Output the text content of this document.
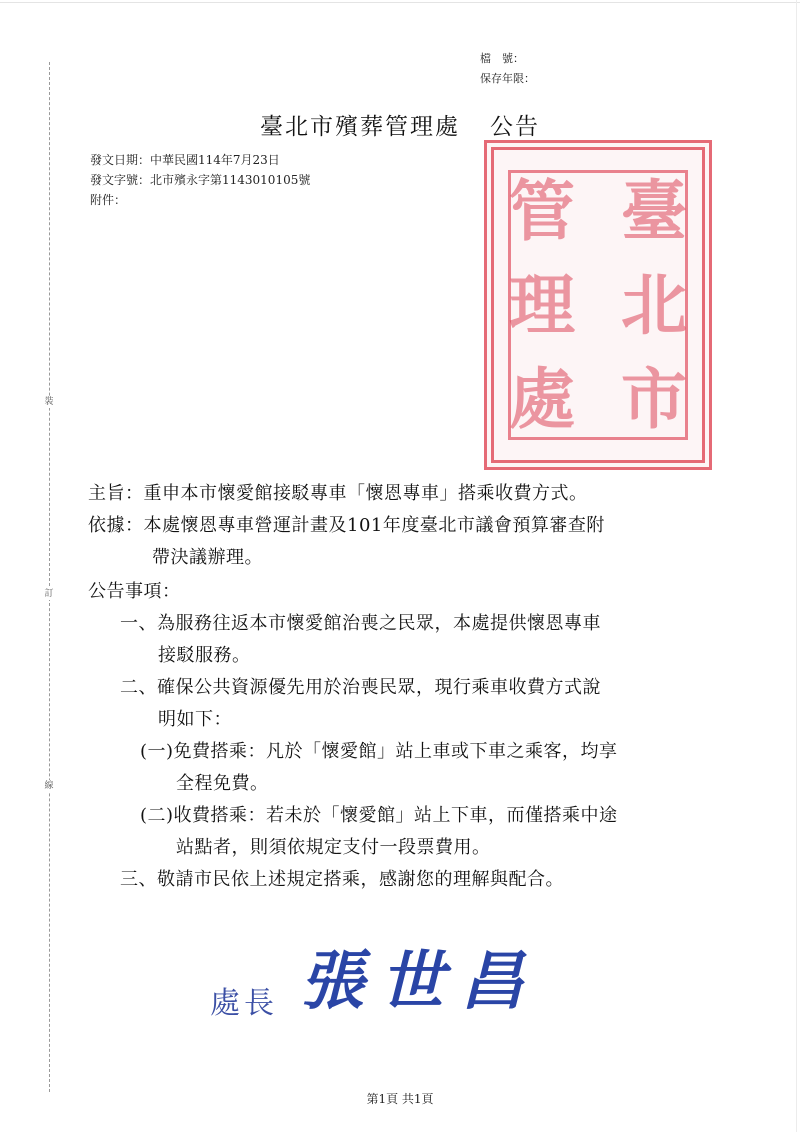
裝
訂
線
檔　號：
保存年限：
臺北市殯葬管理處 公告
發文日期：中華民國114年7月23日
發文字號：北市殯永字第1143010105號
附件：	臺
北
市
管
理
處
主旨：重申本市懷愛館接駁專車「懷恩專車」搭乘收費方式。
依據：本處懷恩專車營運計畫及101年度臺北市議會預算審查附
帶決議辦理。
公告事項：
一、為服務往返本市懷愛館治喪之民眾，本處提供懷恩專車
接駁服務。
二、確保公共資源優先用於治喪民眾，現行乘車收費方式說
明如下：
(一)免費搭乘：凡於「懷愛館」站上車或下車之乘客，均享
全程免費。
(二)收費搭乘：若未於「懷愛館」站上下車，而僅搭乘中途
站點者，則須依規定支付一段票費用。
三、敬請市民依上述規定搭乘，感謝您的理解與配合。
處長 張世昌
第1頁 共1頁
